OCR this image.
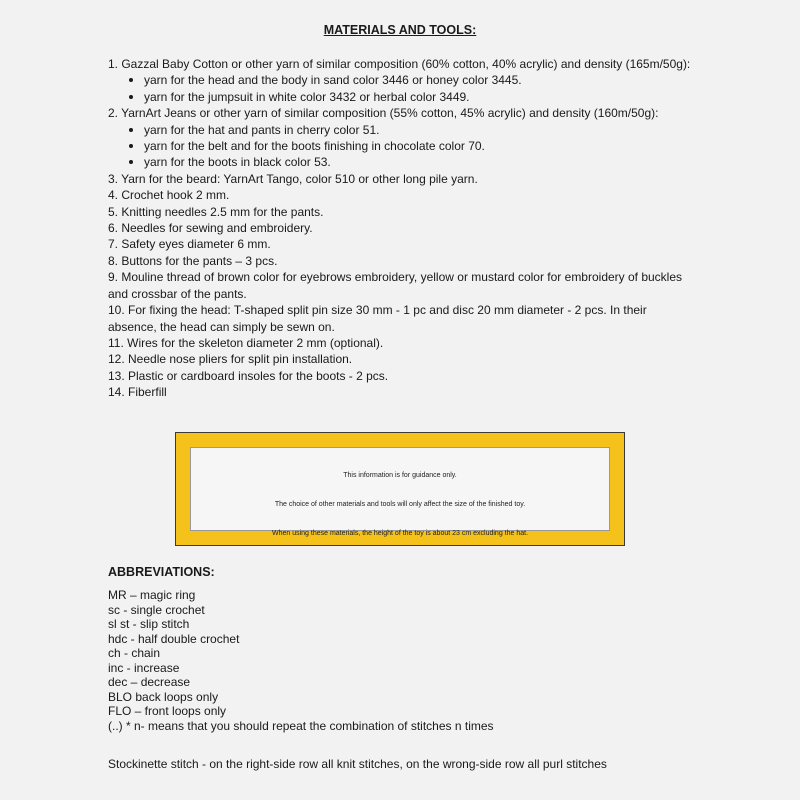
MATERIALS AND TOOLS:
1. Gazzal Baby Cotton or other yarn of similar composition (60% cotton, 40% acrylic) and density (165m/50g):
yarn for the head and the body in sand color 3446 or honey color 3445.
yarn for the jumpsuit in white color 3432 or herbal color 3449.
2. YarnArt Jeans or other yarn of similar composition (55% cotton, 45% acrylic) and density (160m/50g):
yarn for the hat and pants in cherry color 51.
yarn for the belt and for the boots finishing in chocolate color 70.
yarn for the boots in black color 53.
3. Yarn for the beard: YarnArt Tango, color 510 or other long pile yarn.
4. Crochet hook 2 mm.
5. Knitting needles 2.5 mm for the pants.
6. Needles for sewing and embroidery.
7. Safety eyes diameter 6 mm.
8. Buttons for the pants – 3 pcs.
9. Mouline thread of brown color for eyebrows embroidery, yellow or mustard color for embroidery of buckles and crossbar of the pants.
10. For fixing the head: T-shaped split pin size 30 mm - 1 pc and disc 20 mm diameter - 2 pcs. In their absence, the head can simply be sewn on.
11. Wires for the skeleton diameter 2 mm (optional).
12. Needle nose pliers for split pin installation.
13. Plastic or cardboard insoles for the boots - 2 pcs.
14. Fiberfill
This information is for guidance only.
The choice of other materials and tools will only affect the size of the finished toy.
When using these materials, the height of the toy is about 23 cm excluding the hat.
ABBREVIATIONS:
MR – magic ring
sc - single crochet
sl st - slip stitch
hdc - half double crochet
ch - chain
inc - increase
dec – decrease
BLO back loops only
FLO – front loops only
(..) * n- means that you should repeat the combination of stitches n times
Stockinette stitch - on the right-side row all knit stitches, on the wrong-side row all purl stitches
